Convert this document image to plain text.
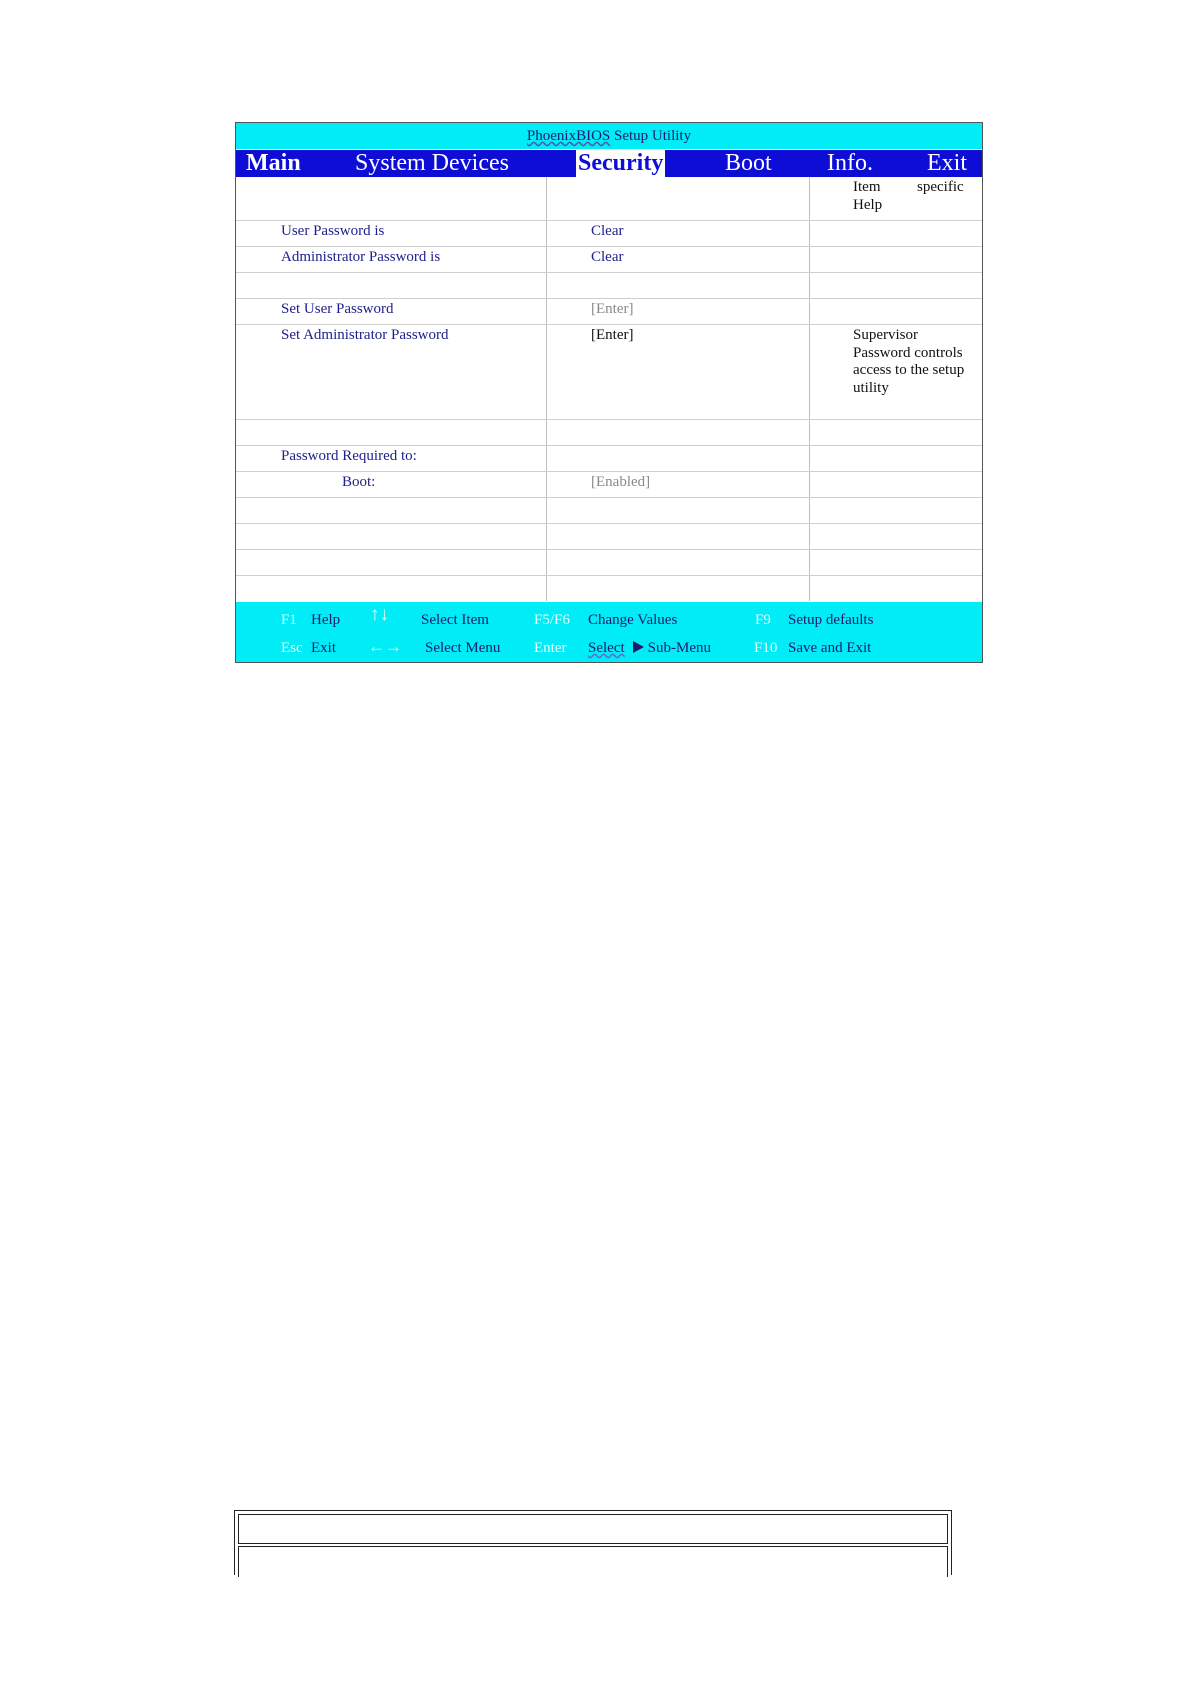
PhoenixBIOS Setup Utility
Main System Devices	Security	Boot Info. Exit
Item specific
Help
User Password is	Clear
Administrator Password is	Clear
Set User Password	[Enter]
Set Administrator Password	[Enter]	Supervisor Password controls access to the setup utility
Password Required to:
Boot:	[Enabled]
F1 Help ↑↓ Select Item	F5/F6 Change Values	F9 Setup defaults
Esc Exit ←→ Select Menu Enter Select Sub-Menu	F10 Save and Exit
